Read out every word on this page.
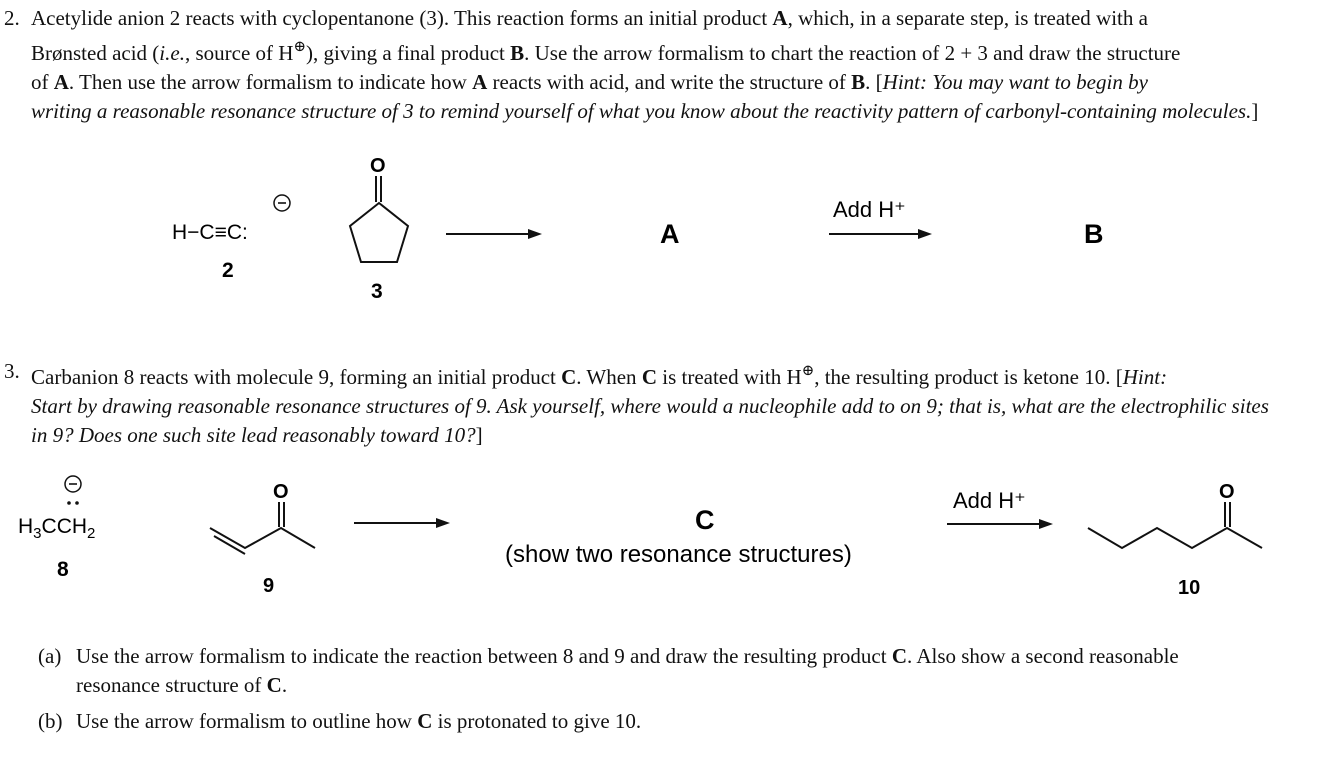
2. Acetylide anion 2 reacts with cyclopentanone (3). This reaction forms an initial product A, which, in a separate step, is treated with a
Brønsted acid (i.e., source of H⊕), giving a final product B. Use the arrow formalism to chart the reaction of 2 + 3 and draw the structure
of A. Then use the arrow formalism to indicate how A reacts with acid, and write the structure of B. [Hint: You may want to begin by
writing a reasonable resonance structure of 3 to remind yourself of what you know about the reactivity pattern of carbonyl-containing molecules.]
H−C≡C:
2
O
3
A
Add H⁺
B
3. Carbanion 8 reacts with molecule 9, forming an initial product C. When C is treated with H⊕, the resulting product is ketone 10. [Hint:
Start by drawing reasonable resonance structures of 9. Ask yourself, where would a nucleophile add to on 9; that is, what are the electrophilic sites
in 9? Does one such site lead reasonably toward 10?]
$H_3CCH_2$
8
O
9
C
(show two resonance structures)
Add H⁺	O
10
(a) Use the arrow formalism to indicate the reaction between 8 and 9 and draw the resulting product C. Also show a second reasonable
resonance structure of C.
(b) Use the arrow formalism to outline how C is protonated to give 10.
